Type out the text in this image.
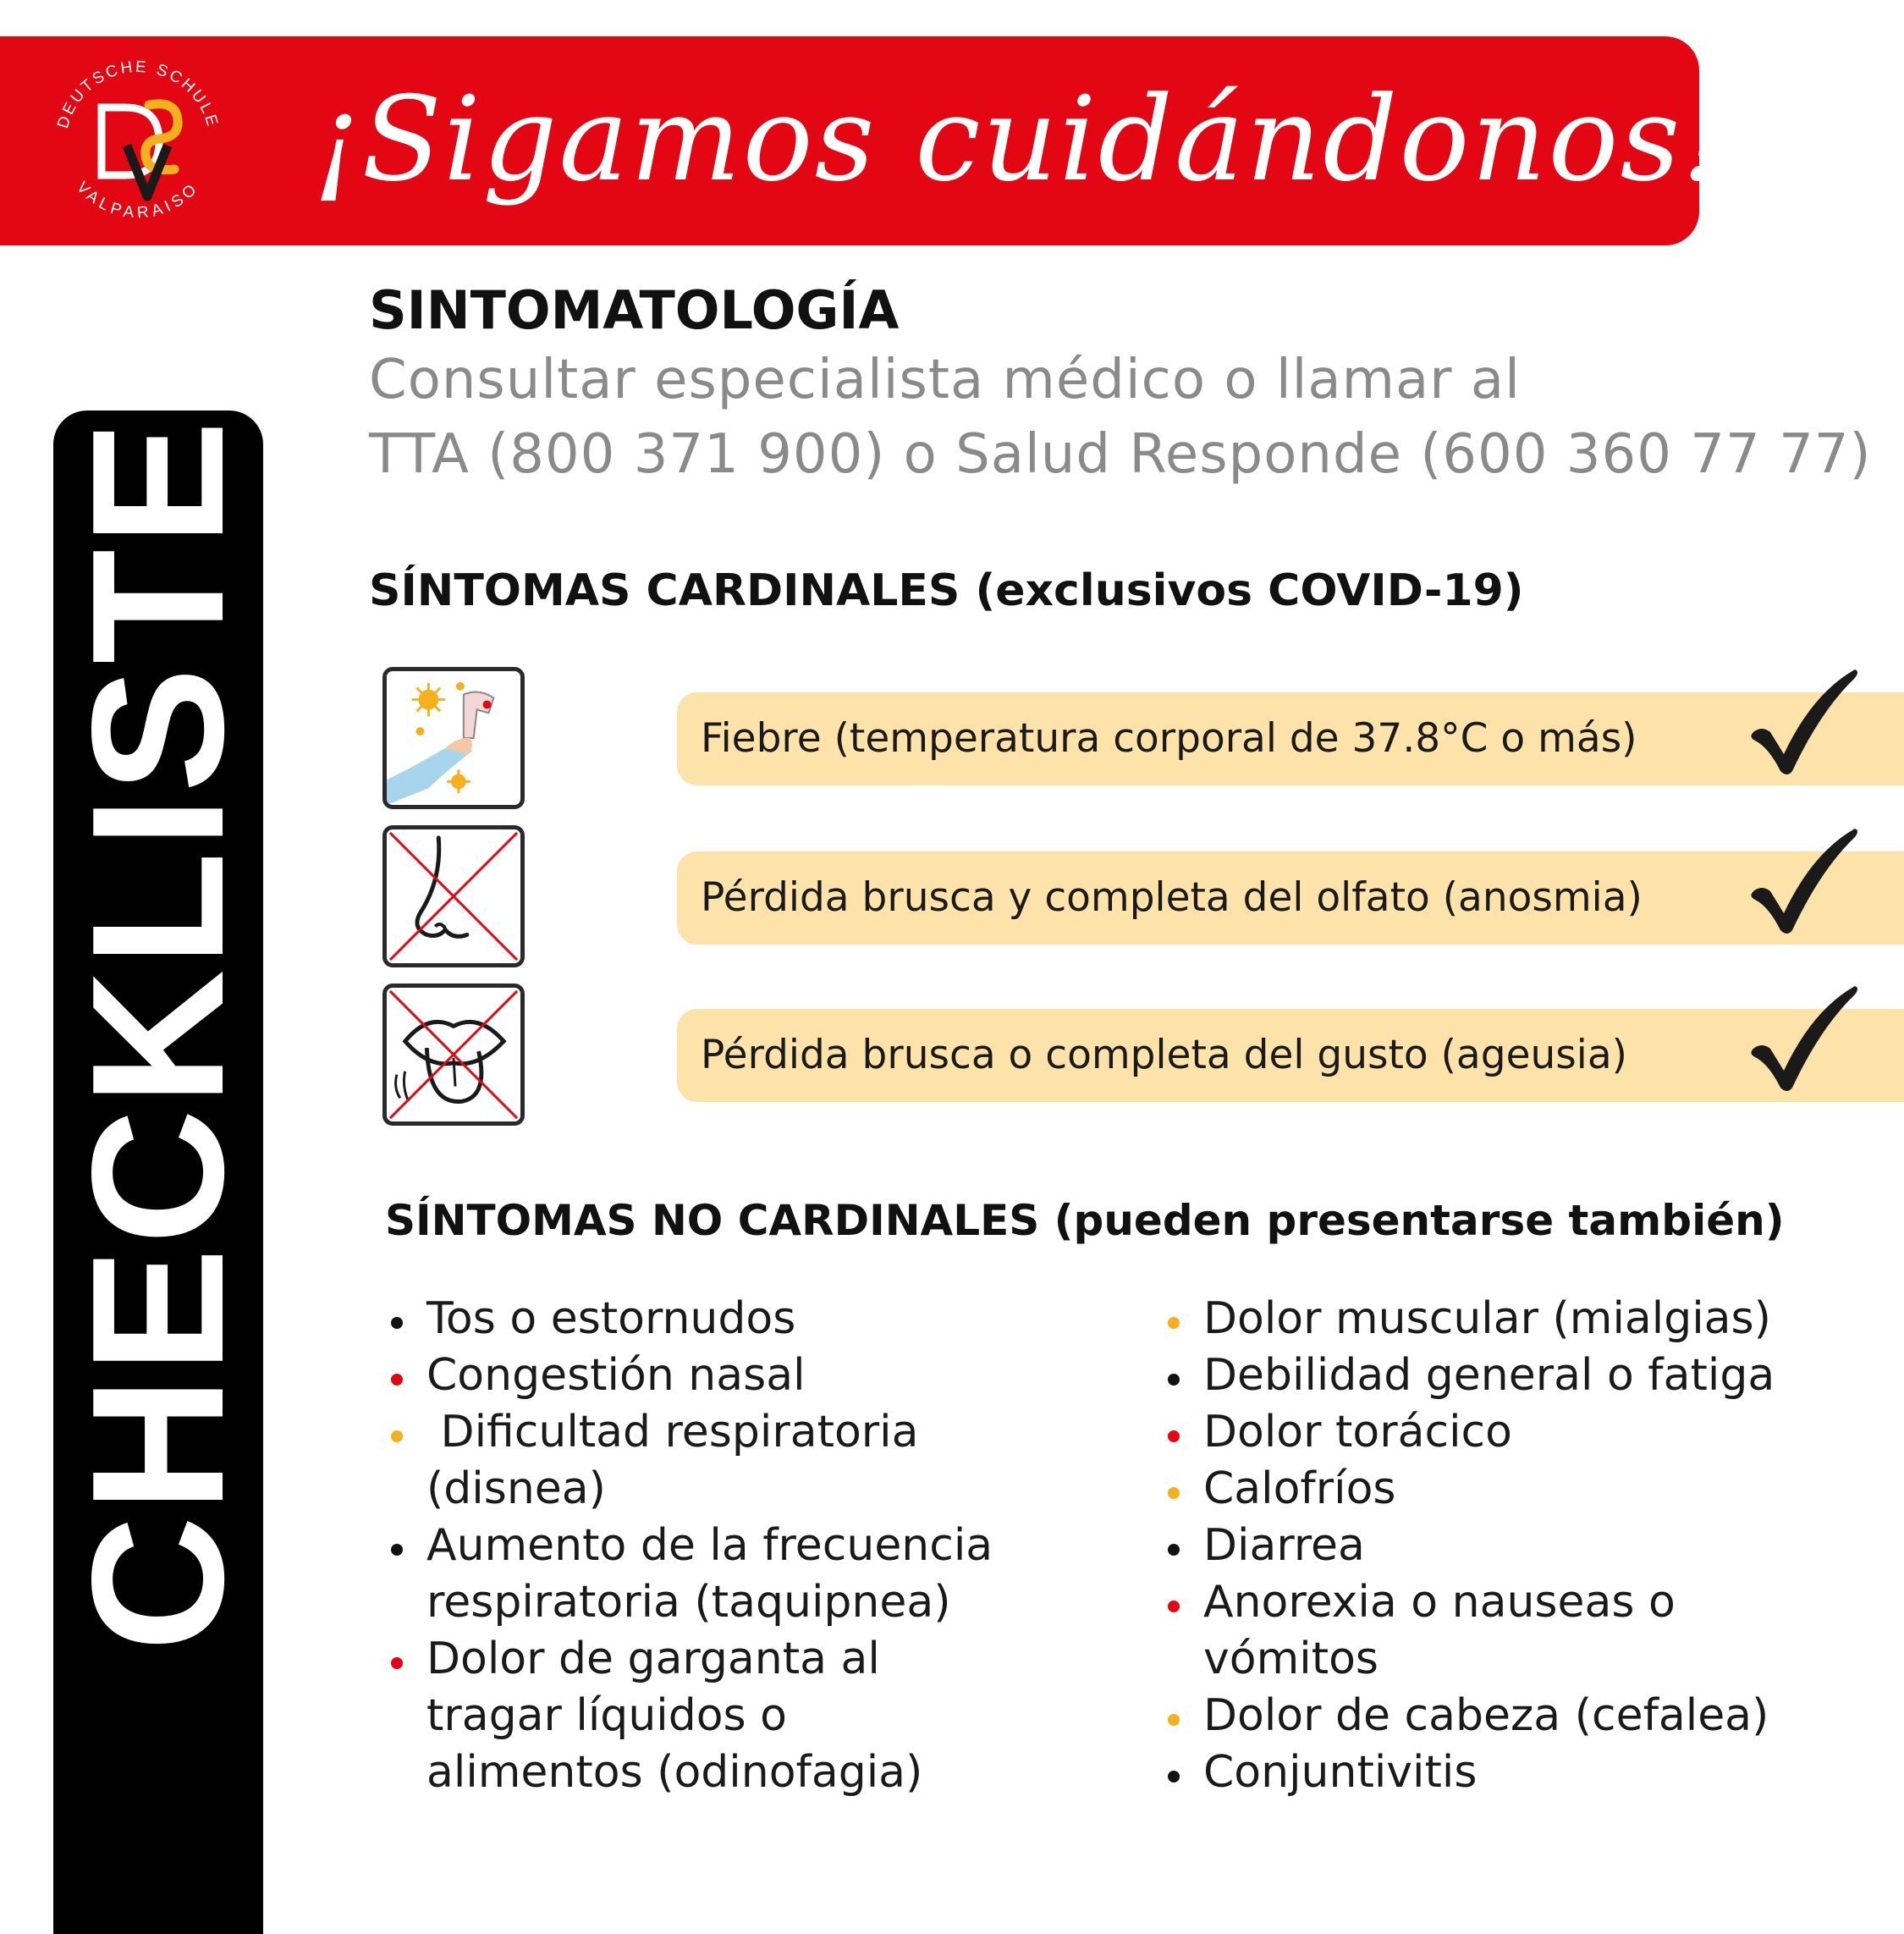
DEUTSCHE SCHULE
VALPARAISO ¡Sigamos cuidándonos!
CHECKLISTE
SINTOMATOLOGÍA
Consultar especialista médico o llamar al
TTA (800 371 900) o Salud Responde (600 360 77 77)
SÍNTOMAS CARDINALES (exclusivos COVID-19)
Fiebre (temperatura corporal de 37.8°C o más)
Pérdida brusca y completa del olfato (anosmia)
Pérdida brusca o completa del gusto (ageusia)
SÍNTOMAS NO CARDINALES (pueden presentarse también)
Tos o estornudos
Congestión nasal
Dificultad respiratoria
(disnea)
Aumento de la frecuencia
respiratoria (taquipnea)
Dolor de garganta al
tragar líquidos o
alimentos (odinofagia)
Dolor muscular (mialgias)
Debilidad general o fatiga
Dolor torácico
Calofríos
Diarrea
Anorexia o nauseas o
vómitos
Dolor de cabeza (cefalea)
Conjuntivitis
